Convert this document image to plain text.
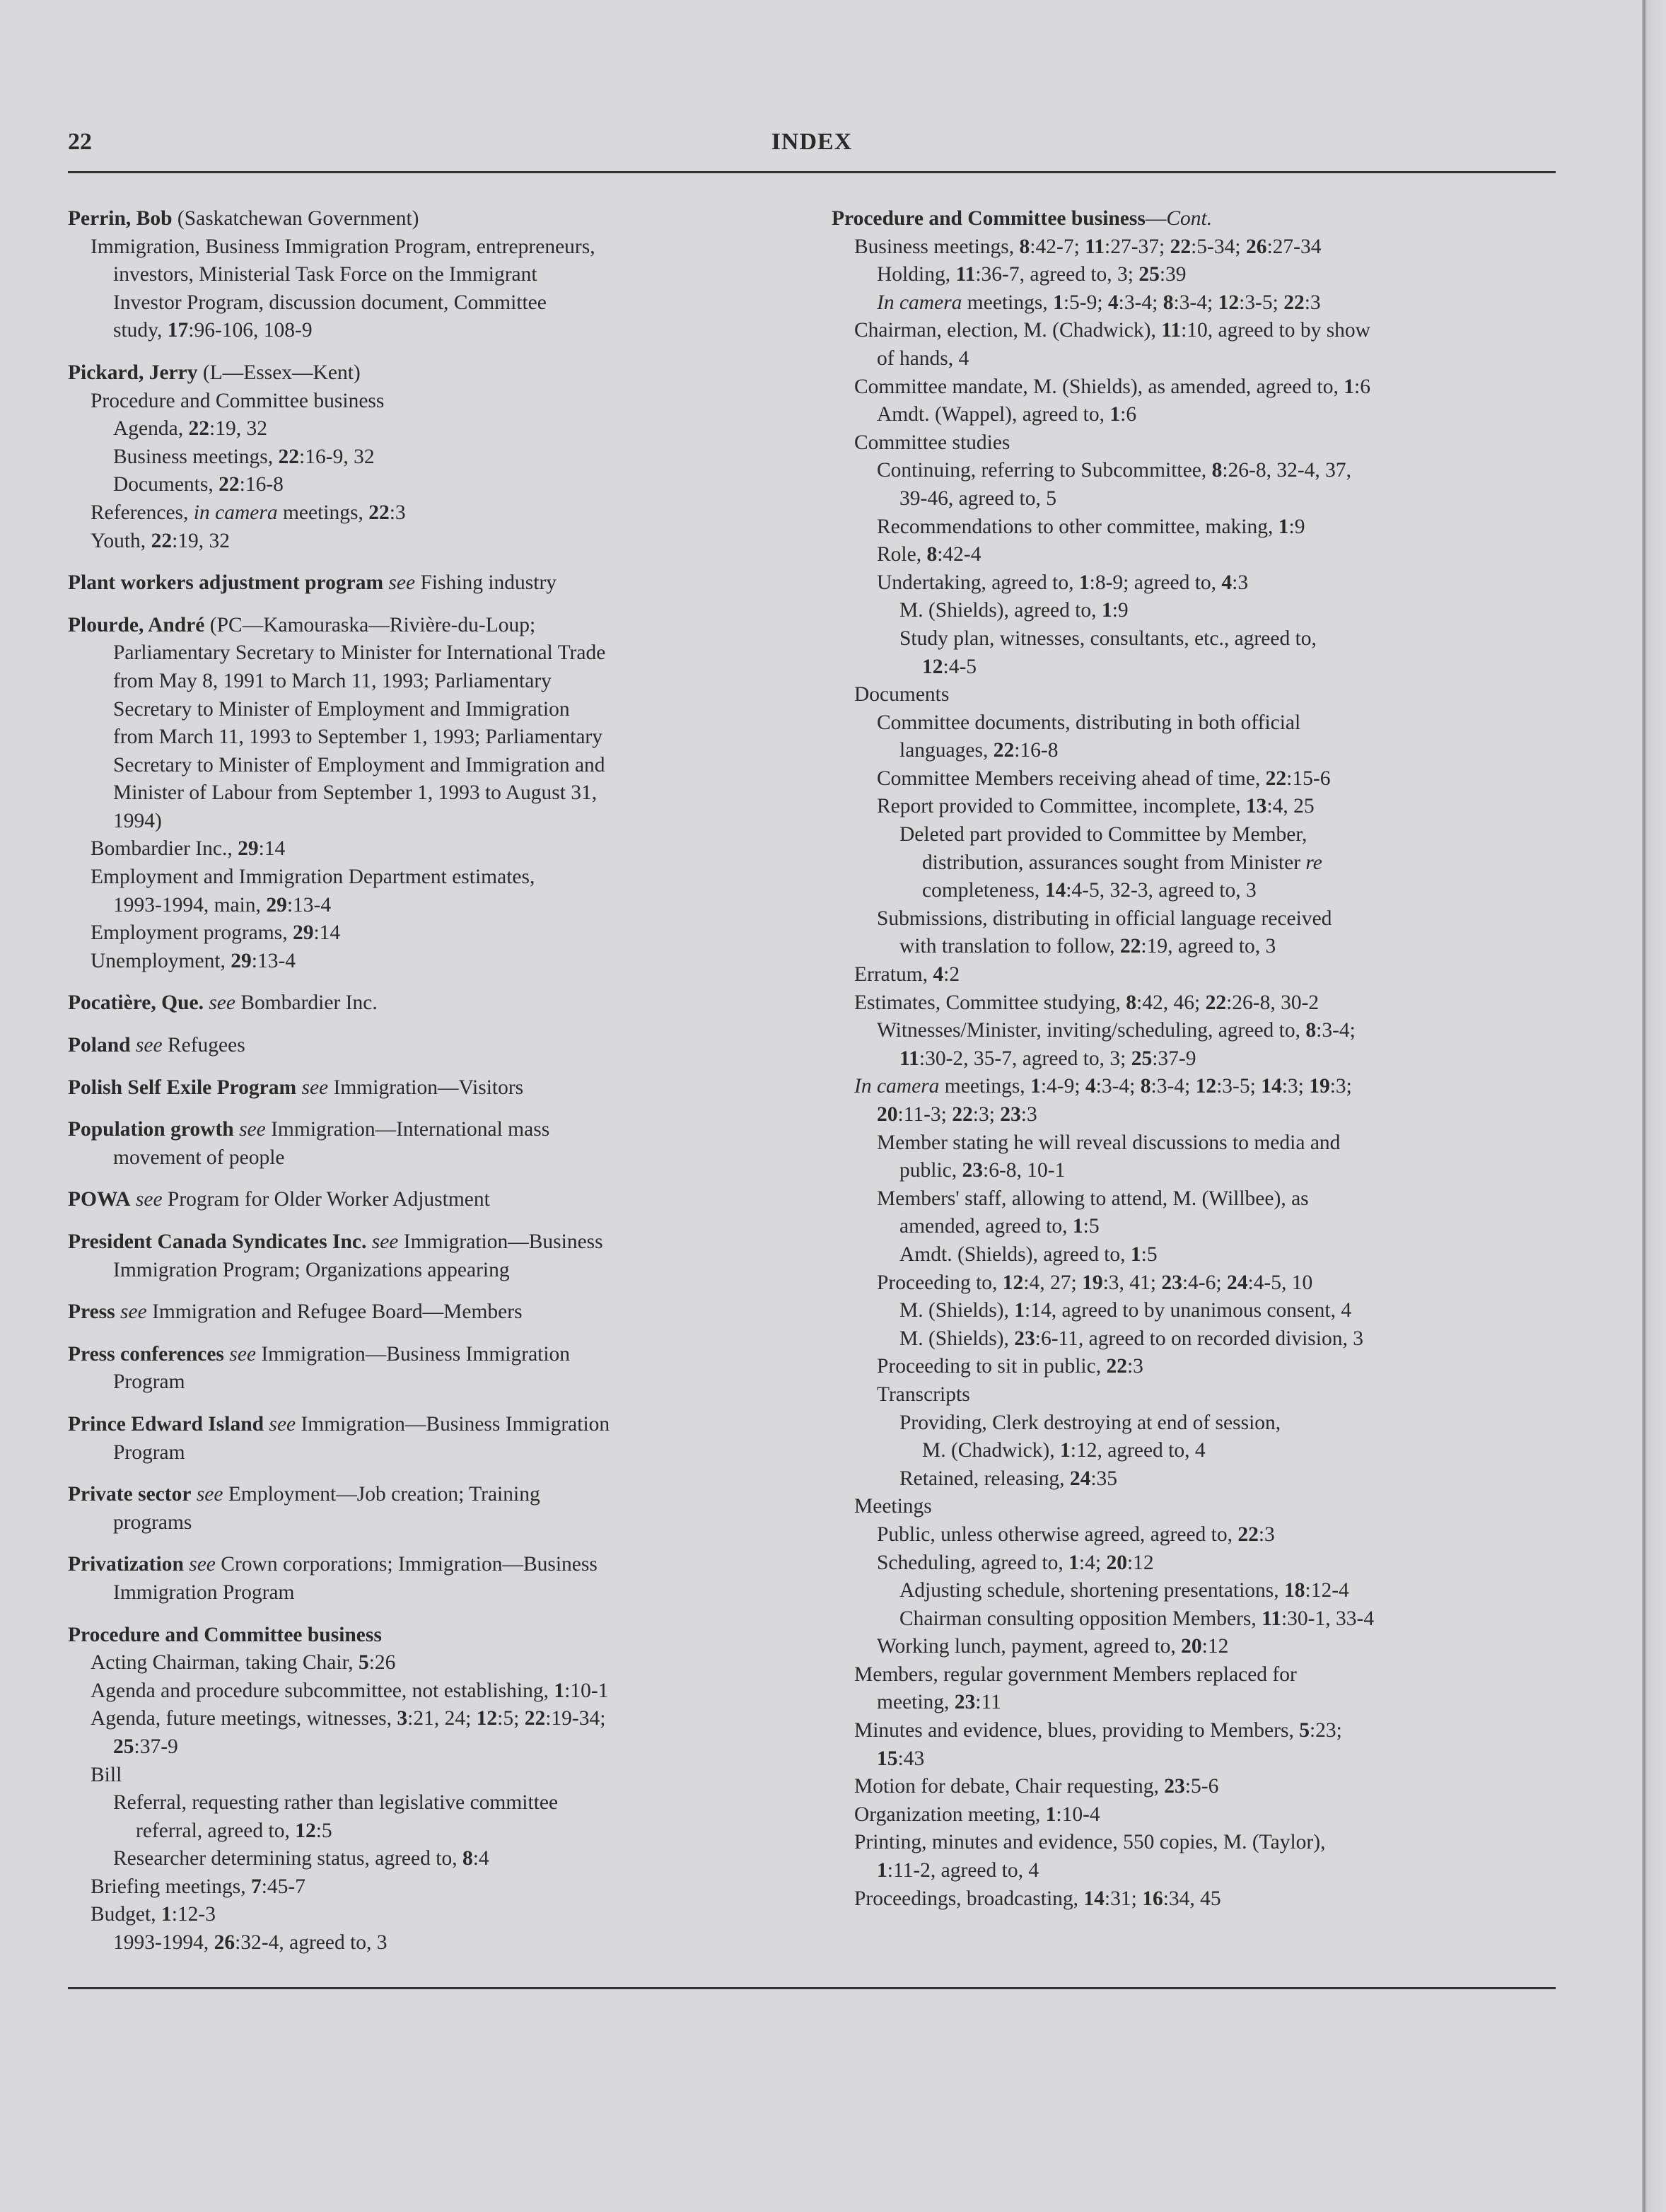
22	INDEX
Perrin, Bob (Saskatchewan Government)
Immigration, Business Immigration Program, entrepreneurs,
investors, Ministerial Task Force on the Immigrant
Investor Program, discussion document, Committee
study, 17:96-106, 108-9
Pickard, Jerry (L—Essex—Kent)
Procedure and Committee business
Agenda, 22:19, 32
Business meetings, 22:16-9, 32
Documents, 22:16-8
References, in camera meetings, 22:3
Youth, 22:19, 32
Plant workers adjustment program see Fishing industry
Plourde, André (PC—Kamouraska—Rivière-du-Loup;
Parliamentary Secretary to Minister for International Trade
from May 8, 1991 to March 11, 1993; Parliamentary
Secretary to Minister of Employment and Immigration
from March 11, 1993 to September 1, 1993; Parliamentary
Secretary to Minister of Employment and Immigration and
Minister of Labour from September 1, 1993 to August 31,
1994)
Bombardier Inc., 29:14
Employment and Immigration Department estimates,
1993-1994, main, 29:13-4
Employment programs, 29:14
Unemployment, 29:13-4
Pocatière, Que. see Bombardier Inc.
Poland see Refugees
Polish Self Exile Program see Immigration—Visitors
Population growth see Immigration—International mass
movement of people
POWA see Program for Older Worker Adjustment
President Canada Syndicates Inc. see Immigration—Business
Immigration Program; Organizations appearing
Press see Immigration and Refugee Board—Members
Press conferences see Immigration—Business Immigration
Program
Prince Edward Island see Immigration—Business Immigration
Program
Private sector see Employment—Job creation; Training
programs
Privatization see Crown corporations; Immigration—Business
Immigration Program
Procedure and Committee business
Acting Chairman, taking Chair, 5:26
Agenda and procedure subcommittee, not establishing, 1:10-1
Agenda, future meetings, witnesses, 3:21, 24; 12:5; 22:19-34;
25:37-9
Bill
Referral, requesting rather than legislative committee
referral, agreed to, 12:5
Researcher determining status, agreed to, 8:4
Briefing meetings, 7:45-7
Budget, 1:12-3
1993-1994, 26:32-4, agreed to, 3
Procedure and Committee business—Cont.
Business meetings, 8:42-7; 11:27-37; 22:5-34; 26:27-34
Holding, 11:36-7, agreed to, 3; 25:39
In camera meetings, 1:5-9; 4:3-4; 8:3-4; 12:3-5; 22:3
Chairman, election, M. (Chadwick), 11:10, agreed to by show
of hands, 4
Committee mandate, M. (Shields), as amended, agreed to, 1:6
Amdt. (Wappel), agreed to, 1:6
Committee studies
Continuing, referring to Subcommittee, 8:26-8, 32-4, 37,
39-46, agreed to, 5
Recommendations to other committee, making, 1:9
Role, 8:42-4
Undertaking, agreed to, 1:8-9; agreed to, 4:3
M. (Shields), agreed to, 1:9
Study plan, witnesses, consultants, etc., agreed to,
12:4-5
Documents
Committee documents, distributing in both official
languages, 22:16-8
Committee Members receiving ahead of time, 22:15-6
Report provided to Committee, incomplete, 13:4, 25
Deleted part provided to Committee by Member,
distribution, assurances sought from Minister re
completeness, 14:4-5, 32-3, agreed to, 3
Submissions, distributing in official language received
with translation to follow, 22:19, agreed to, 3
Erratum, 4:2
Estimates, Committee studying, 8:42, 46; 22:26-8, 30-2
Witnesses/Minister, inviting/scheduling, agreed to, 8:3-4;
11:30-2, 35-7, agreed to, 3; 25:37-9
In camera meetings, 1:4-9; 4:3-4; 8:3-4; 12:3-5; 14:3; 19:3;
20:11-3; 22:3; 23:3
Member stating he will reveal discussions to media and
public, 23:6-8, 10-1
Members' staff, allowing to attend, M. (Willbee), as
amended, agreed to, 1:5
Amdt. (Shields), agreed to, 1:5
Proceeding to, 12:4, 27; 19:3, 41; 23:4-6; 24:4-5, 10
M. (Shields), 1:14, agreed to by unanimous consent, 4
M. (Shields), 23:6-11, agreed to on recorded division, 3
Proceeding to sit in public, 22:3
Transcripts
Providing, Clerk destroying at end of session,
M. (Chadwick), 1:12, agreed to, 4
Retained, releasing, 24:35
Meetings
Public, unless otherwise agreed, agreed to, 22:3
Scheduling, agreed to, 1:4; 20:12
Adjusting schedule, shortening presentations, 18:12-4
Chairman consulting opposition Members, 11:30-1, 33-4
Working lunch, payment, agreed to, 20:12
Members, regular government Members replaced for
meeting, 23:11
Minutes and evidence, blues, providing to Members, 5:23;
15:43
Motion for debate, Chair requesting, 23:5-6
Organization meeting, 1:10-4
Printing, minutes and evidence, 550 copies, M. (Taylor),
1:11-2, agreed to, 4
Proceedings, broadcasting, 14:31; 16:34, 45
